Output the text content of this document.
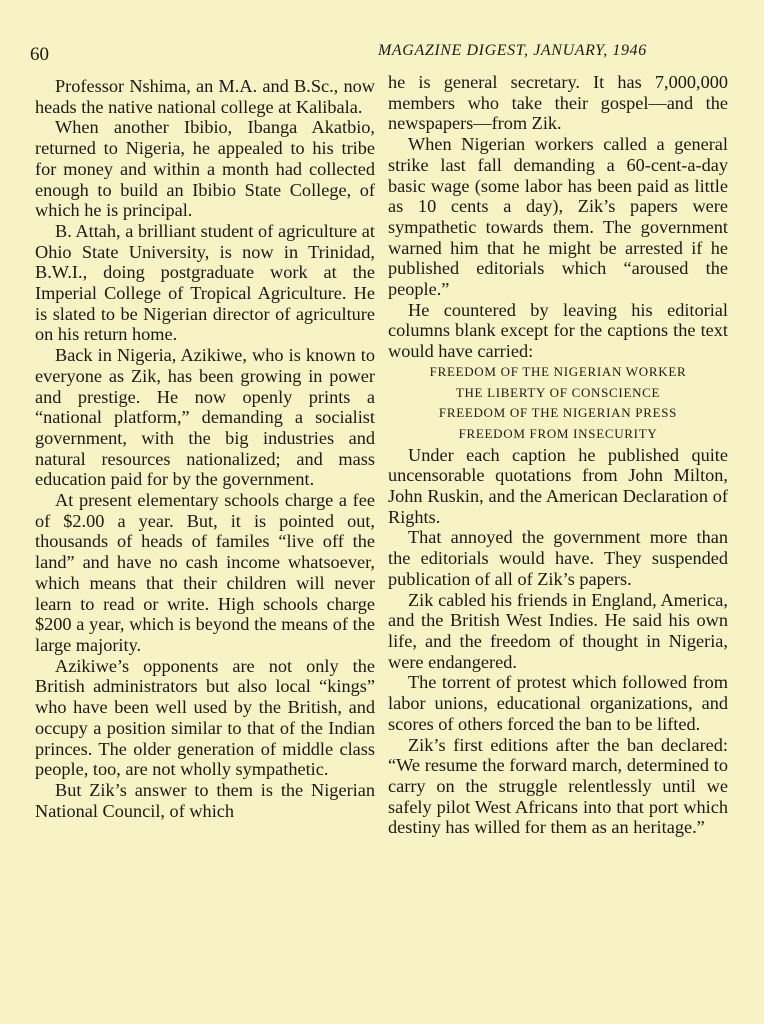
60	MAGAZINE DIGEST, JANUARY, 1946

Professor Nshima, an M.A. and B.Sc., now heads the native national college at Kalibala.

When another Ibibio, Ibanga Akatbio, returned to Nigeria, he appealed to his tribe for money and within a month had collected enough to build an Ibibio State College, of which he is principal.

B. Attah, a brilliant student of agriculture at Ohio State University, is now in Trinidad, B.W.I., doing postgraduate work at the Imperial College of Tropical Agriculture. He is slated to be Nigerian director of agriculture on his return home.

Back in Nigeria, Azikiwe, who is known to everyone as Zik, has been growing in power and prestige. He now openly prints a “national platform,” demanding a socialist government, with the big industries and natural resources nationalized; and mass education paid for by the government.

At present elementary schools charge a fee of $2.00 a year. But, it is pointed out, thousands of heads of familes “live off the land” and have no cash income whatsoever, which means that their children will never learn to read or write. High schools charge $200 a year, which is beyond the means of the large majority.

Azikiwe’s opponents are not only the British administrators but also local “kings” who have been well used by the British, and occupy a position similar to that of the Indian princes. The older generation of middle class people, too, are not wholly sympathetic.

But Zik’s answer to them is the Nigerian National Council, of which

he is general secretary. It has 7,000,000 members who take their gospel—and the newspapers—from Zik.

When Nigerian workers called a general strike last fall demanding a 60-cent-a-day basic wage (some labor has been paid as little as 10 cents a day), Zik’s papers were sympathetic towards them. The government warned him that he might be arrested if he published editorials which “aroused the people.”

He countered by leaving his editorial columns blank except for the captions the text would have carried:

FREEDOM OF THE NIGERIAN WORKER

THE LIBERTY OF CONSCIENCE

FREEDOM OF THE NIGERIAN PRESS

FREEDOM FROM INSECURITY

Under each caption he published quite uncensorable quotations from John Milton, John Ruskin, and the American Declaration of Rights.

That annoyed the government more than the editorials would have. They suspended publication of all of Zik’s papers.

Zik cabled his friends in England, America, and the British West Indies. He said his own life, and the freedom of thought in Nigeria, were endangered.

The torrent of protest which followed from labor unions, educational organizations, and scores of others forced the ban to be lifted.

Zik’s first editions after the ban declared: “We resume the forward march, determined to carry on the struggle relentlessly until we safely pilot West Africans into that port which destiny has willed for them as an heritage.”
